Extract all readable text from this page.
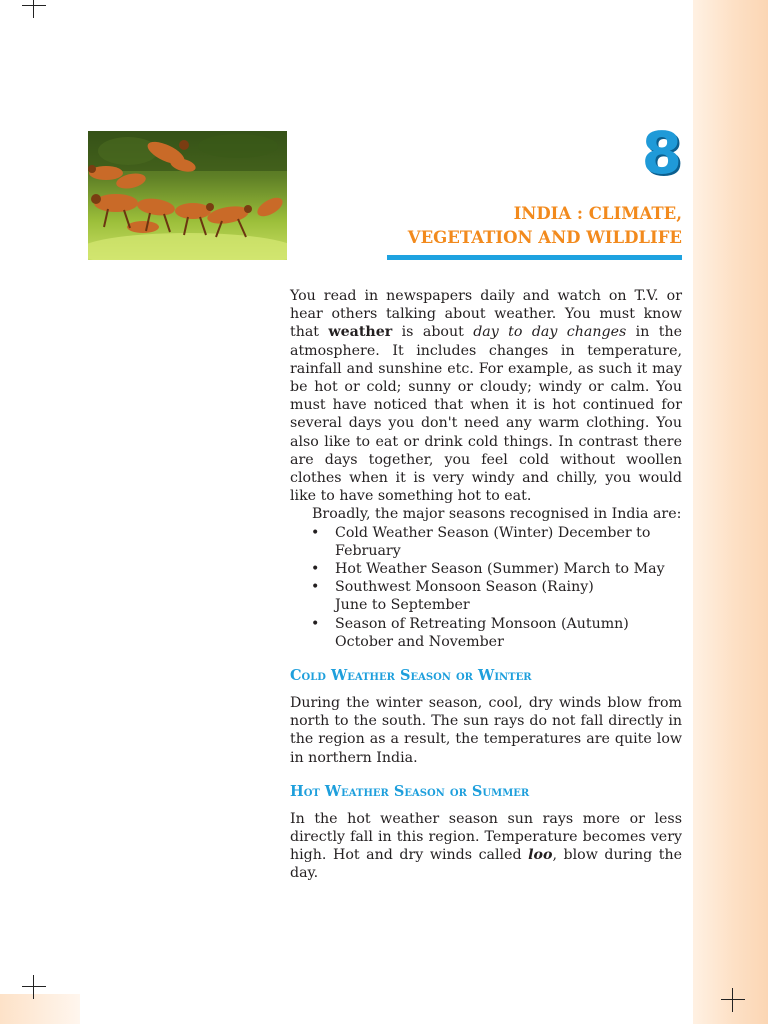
8
INDIA : CLIMATE,
VEGETATION AND WILDLIFE

You read in newspapers daily and watch on T.V. or hear others talking about weather. You must know that weather is about day to day changes in the atmosphere. It includes changes in temperature, rainfall and sunshine etc. For example, as such it may be hot or cold; sunny or cloudy; windy or calm. You must have noticed that when it is hot continued for several days you don't need any warm clothing. You also like to eat or drink cold things. In contrast there are days together, you feel cold without woollen clothes when it is very windy and chilly, you would like to have something hot to eat.

Broadly, the major seasons recognised in India are:

• Cold Weather Season (Winter) December to February
• Hot Weather Season (Summer) March to May
• Southwest Monsoon Season (Rainy) June to September
• Season of Retreating Monsoon (Autumn) October and November
Cold Weather Season or Winter

During the winter season, cool, dry winds blow from north to the south. The sun rays do not fall directly in the region as a result, the temperatures are quite low in northern India.

Hot Weather Season or Summer

In the hot weather season sun rays more or less directly fall in this region. Temperature becomes very high. Hot and dry winds called loo, blow during the day.
